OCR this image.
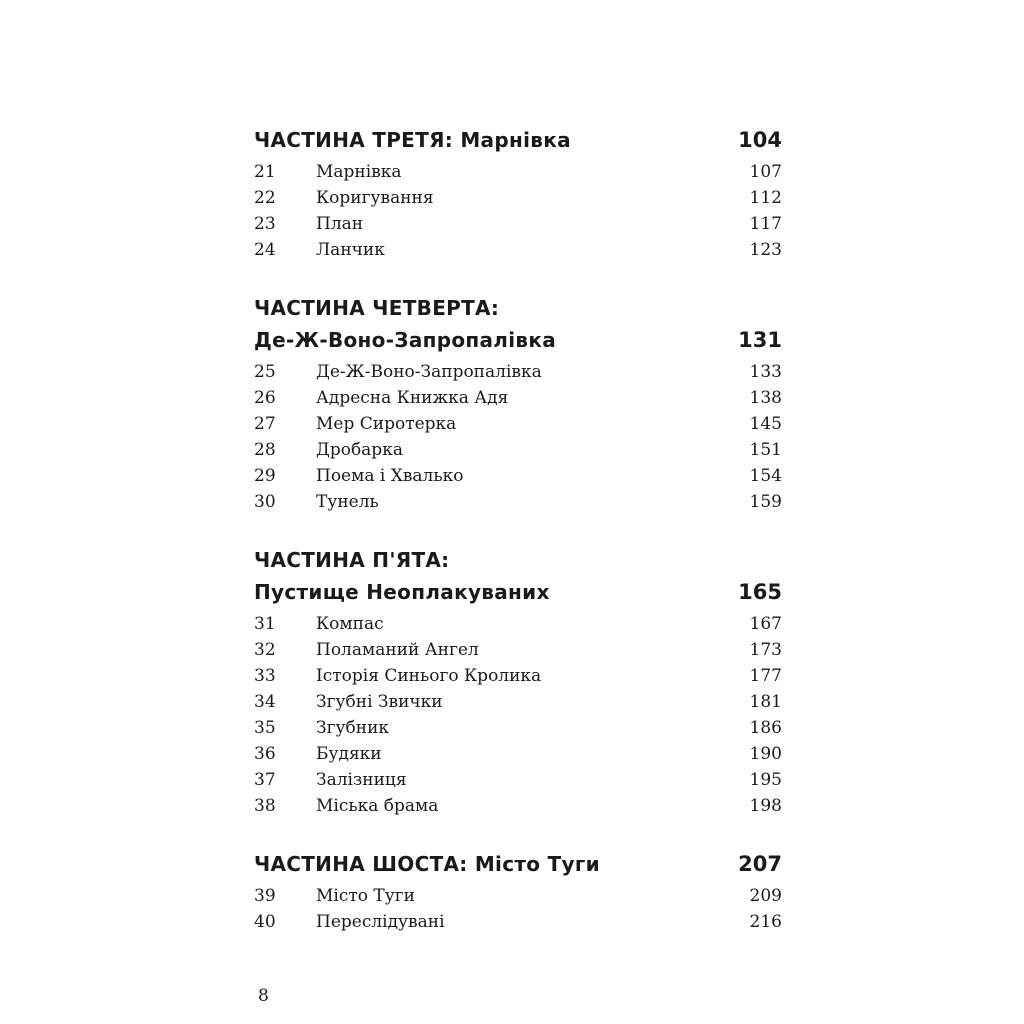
ЧАСТИНА ТРЕТЯ: Марнівка	104
21	Марнівка	107
22	Коригування	112
23	План	117
24	Ланчик	123
ЧАСТИНА ЧЕТВЕРТА:
Де-Ж-Воно-Запропалівка	131
25	Де-Ж-Воно-Запропалівка	133
26	Адресна Книжка Адя	138
27	Мер Сиротерка	145
28	Дробарка	151
29	Поема і Хвалько	154
30	Тунель	159
ЧАСТИНА П'ЯТА:
Пустище Неоплакуваних	165
31	Компас	167
32	Поламаний Ангел	173
33	Історія Синього Кролика	177
34	Згубні Звички	181
35	Згубник	186
36	Будяки	190
37	Залізниця	195
38	Міська брама	198
ЧАСТИНА ШОСТА: Місто Туги	207
39	Місто Туги	209
40	Переслідувані	216
8
